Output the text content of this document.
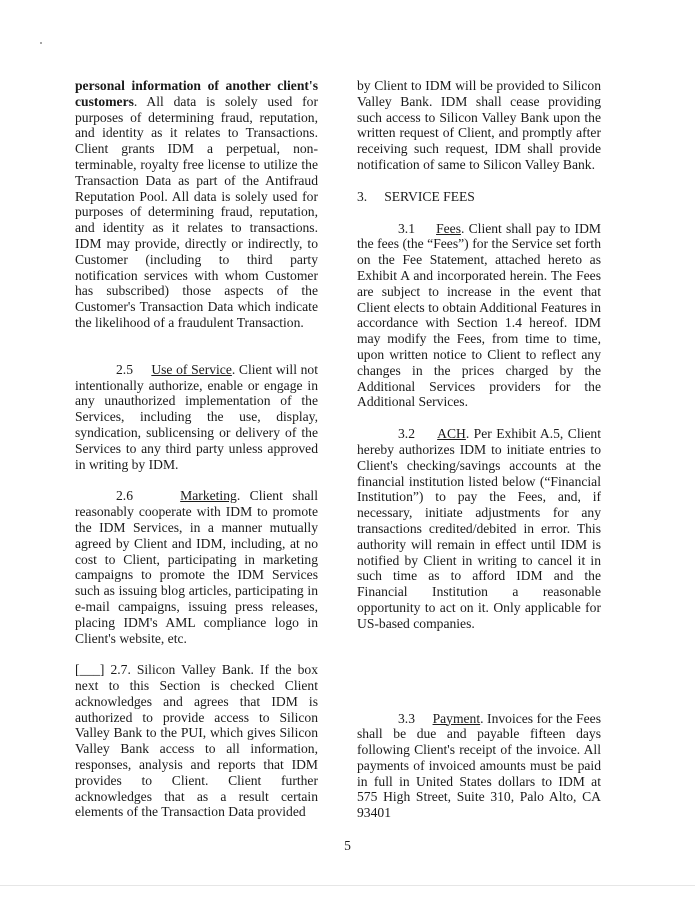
personal information of another client's customers. All data is solely used for purposes of determining fraud, reputation, and identity as it relates to Transactions. Client grants IDM a perpetual, non-terminable, royalty free license to utilize the Transaction Data as part of the Antifraud Reputation Pool. All data is solely used for purposes of determining fraud, reputation, and identity as it relates to transactions. IDM may provide, directly or indirectly, to Customer (including to third party notification services with whom Customer has subscribed) those aspects of the Customer's Transaction Data which indicate the likelihood of a fraudulent Transaction.

2.5 Use of Service. Client will not intentionally authorize, enable or engage in any unauthorized implementation of the Services, including the use, display, syndication, sublicensing or delivery of the Services to any third party unless approved in writing by IDM.

2.6	Marketing. Client shall reasonably cooperate with IDM to promote the IDM Services, in a manner mutually agreed by Client and IDM, including, at no cost to Client, participating in marketing campaigns to promote the IDM Services such as issuing blog articles, participating in e-mail campaigns, issuing press releases, placing IDM's AML compliance logo in Client's website, etc.

[___] 2.7. Silicon Valley Bank. If the box next to this Section is checked Client acknowledges and agrees that IDM is authorized to provide access to Silicon Valley Bank to the PUI, which gives Silicon Valley Bank access to all information, responses, analysis and reports that IDM provides to Client. Client further acknowledges that as a result certain elements of the Transaction Data provided

by Client to IDM will be provided to Silicon Valley Bank. IDM shall cease providing such access to Silicon Valley Bank upon the written request of Client, and promptly after receiving such request, IDM shall provide notification of same to Silicon Valley Bank.

3.     SERVICE FEES

3.1 Fees. Client shall pay to IDM the fees (the “Fees”) for the Service set forth on the Fee Statement, attached hereto as Exhibit A and incorporated herein. The Fees are subject to increase in the event that Client elects to obtain Additional Features in accordance with Section 1.4 hereof. IDM may modify the Fees, from time to time, upon written notice to Client to reflect any changes in the prices charged by the Additional Services providers for the Additional Services.

3.2 ACH. Per Exhibit A.5, Client hereby authorizes IDM to initiate entries to Client's checking/savings accounts at the financial institution listed below (“Financial Institution”) to pay the Fees, and, if necessary, initiate adjustments for any transactions credited/debited in error. This authority will remain in effect until IDM is notified by Client in writing to cancel it in such time as to afford IDM and the Financial Institution a reasonable opportunity to act on it. Only applicable for US-based companies.

3.3 Payment. Invoices for the Fees shall be due and payable fifteen days following Client's receipt of the invoice. All payments of invoiced amounts must be paid in full in United States dollars to IDM at 575 High Street, Suite 310, Palo Alto, CA 93401

5
